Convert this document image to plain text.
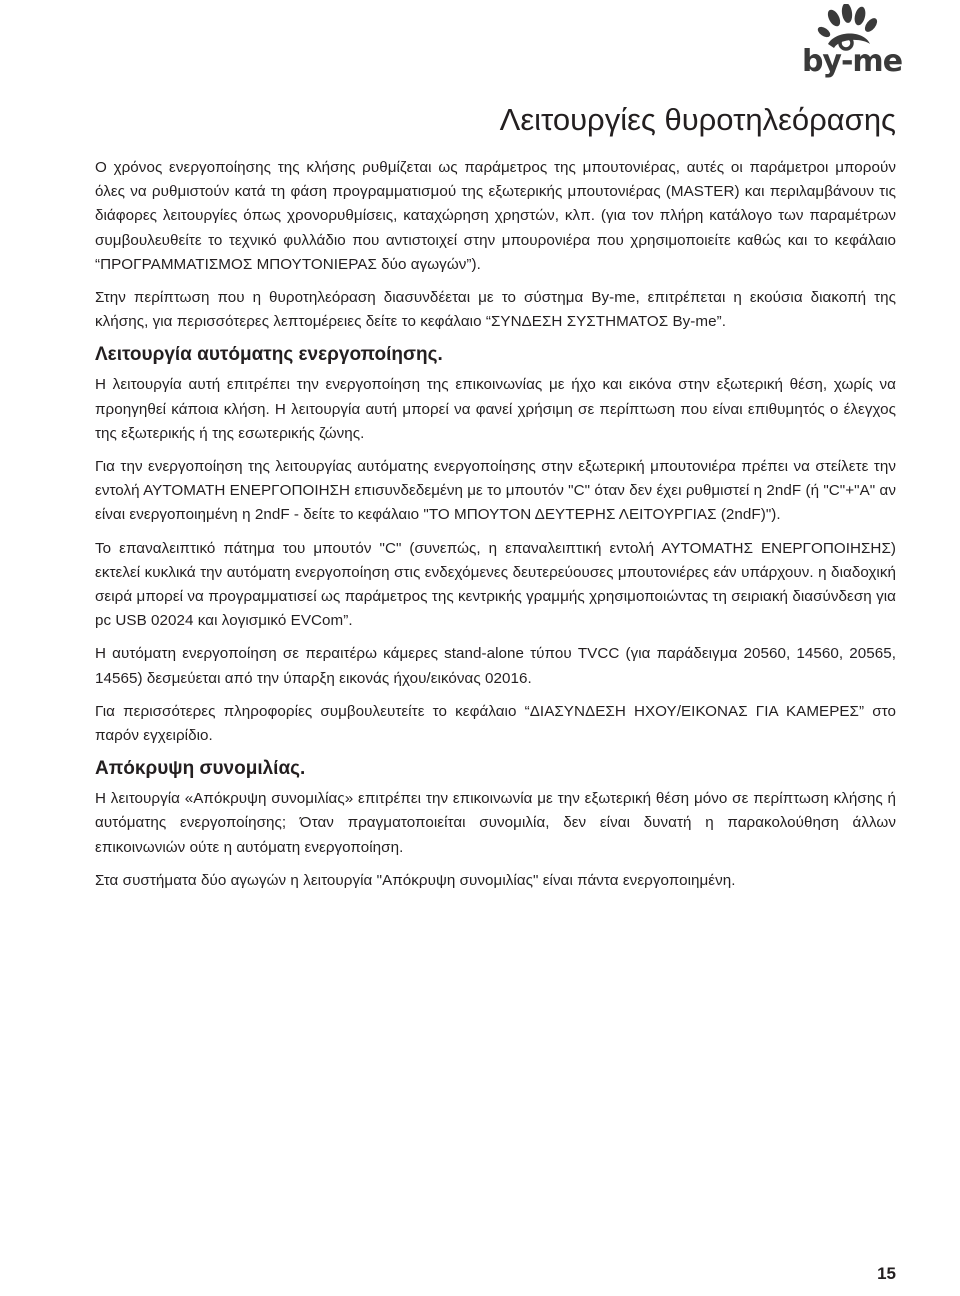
by-me
Λειτουργίες θυροτηλεόρασης

Ο χρόνος ενεργοποίησης της κλήσης ρυθμίζεται ως παράμετρος της μπουτονιέρας, αυτές οι παράμετροι μπορούν όλες να ρυθμιστούν κατά τη φάση προγραμματισμού της εξωτερικής μπουτονιέρας (MASTER) και περιλαμβάνουν τις διάφορες λειτουργίες όπως χρονορυθμίσεις, καταχώρηση χρηστών, κλπ. (για τον πλήρη κατάλογο των παραμέτρων συμβουλευθείτε το τεχνικό φυλλάδιο που αντιστοιχεί στην μπουρονιέρα που χρησιμοποιείτε καθώς και το κεφάλαιο “ΠΡΟΓΡΑΜΜΑΤΙΣΜΟΣ ΜΠΟΥΤΟΝΙΕΡΑΣ δύο αγωγών”).

Στην περίπτωση που η θυροτηλεόραση διασυνδέεται με το σύστημα By-me, επιτρέπεται η εκούσια διακοπή της κλήσης, για περισσότερες λεπτομέρειες δείτε το κεφάλαιο “ΣΥΝΔΕΣΗ ΣΥΣΤΗΜΑΤΟΣ By-me”.

Λειτουργία αυτόματης ενεργοποίησης.

Η λειτουργία αυτή επιτρέπει την ενεργοποίηση της επικοινωνίας με ήχο και εικόνα στην εξωτερική θέση, χωρίς να προηγηθεί κάποια κλήση. Η λειτουργία αυτή μπορεί να φανεί χρήσιμη σε περίπτωση που είναι επιθυμητός ο έλεγχος της εξωτερικής ή της εσωτερικής ζώνης.

Για την ενεργοποίηση της λειτουργίας αυτόματης ενεργοποίησης στην εξωτερική μπουτονιέρα πρέπει να στείλετε την εντολή ΑΥΤΟΜΑΤΗ ΕΝΕΡΓΟΠΟΙΗΣΗ επισυνδεδεμένη με το μπουτόν "C" όταν δεν έχει ρυθμιστεί η 2ndF (ή "C"+"A" αν είναι ενεργοποιημένη η 2ndF - δείτε το κεφάλαιο "ΤΟ ΜΠΟΥΤΟΝ ΔΕΥΤΕΡΗΣ ΛΕΙΤΟΥΡΓΙΑΣ (2ndF)").

Το επαναλειπτικό πάτημα του μπουτόν "C" (συνεπώς, η επαναλειπτική εντολή ΑΥΤΟΜΑΤΗΣ ΕΝΕΡΓΟΠΟΙΗΣΗΣ) εκτελεί κυκλικά την αυτόματη ενεργοποίηση στις ενδεχόμενες δευτερεύουσες μπουτονιέρες εάν υπάρχουν. η διαδοχική σειρά μπορεί να προγραμματισεί ως παράμετρος της κεντρικής γραμμής χρησιμοποιώντας τη σειριακή διασύνδεση για pc USB 02024 και λογισμικό EVCom”.

Η αυτόματη ενεργοποίηση σε περαιτέρω κάμερες stand-alone τύπου TVCC (για παράδειγμα 20560, 14560, 20565, 14565) δεσμεύεται από την ύπαρξη εικονάς ήχου/εικόνας 02016.

Για περισσότερες πληροφορίες συμβουλευτείτε το κεφάλαιο “ΔΙΑΣΥΝΔΕΣΗ ΗΧΟΥ/ΕΙΚΟΝΑΣ ΓΙΑ ΚΑΜΕΡΕΣ” στο παρόν εγχειρίδιο.

Απόκρυψη συνομιλίας.

Η λειτουργία «Απόκρυψη συνομιλίας» επιτρέπει την επικοινωνία με την εξωτερική θέση μόνο σε περίπτωση κλήσης ή αυτόματης ενεργοποίησης; Όταν πραγματοποιείται συνομιλία, δεν είναι δυνατή η παρακολούθηση άλλων επικοινωνιών ούτε η αυτόματη ενεργοποίηση.

Στα συστήματα δύο αγωγών η λειτουργία "Απόκρυψη συνομιλίας" είναι πάντα ενεργοποιημένη.

15
